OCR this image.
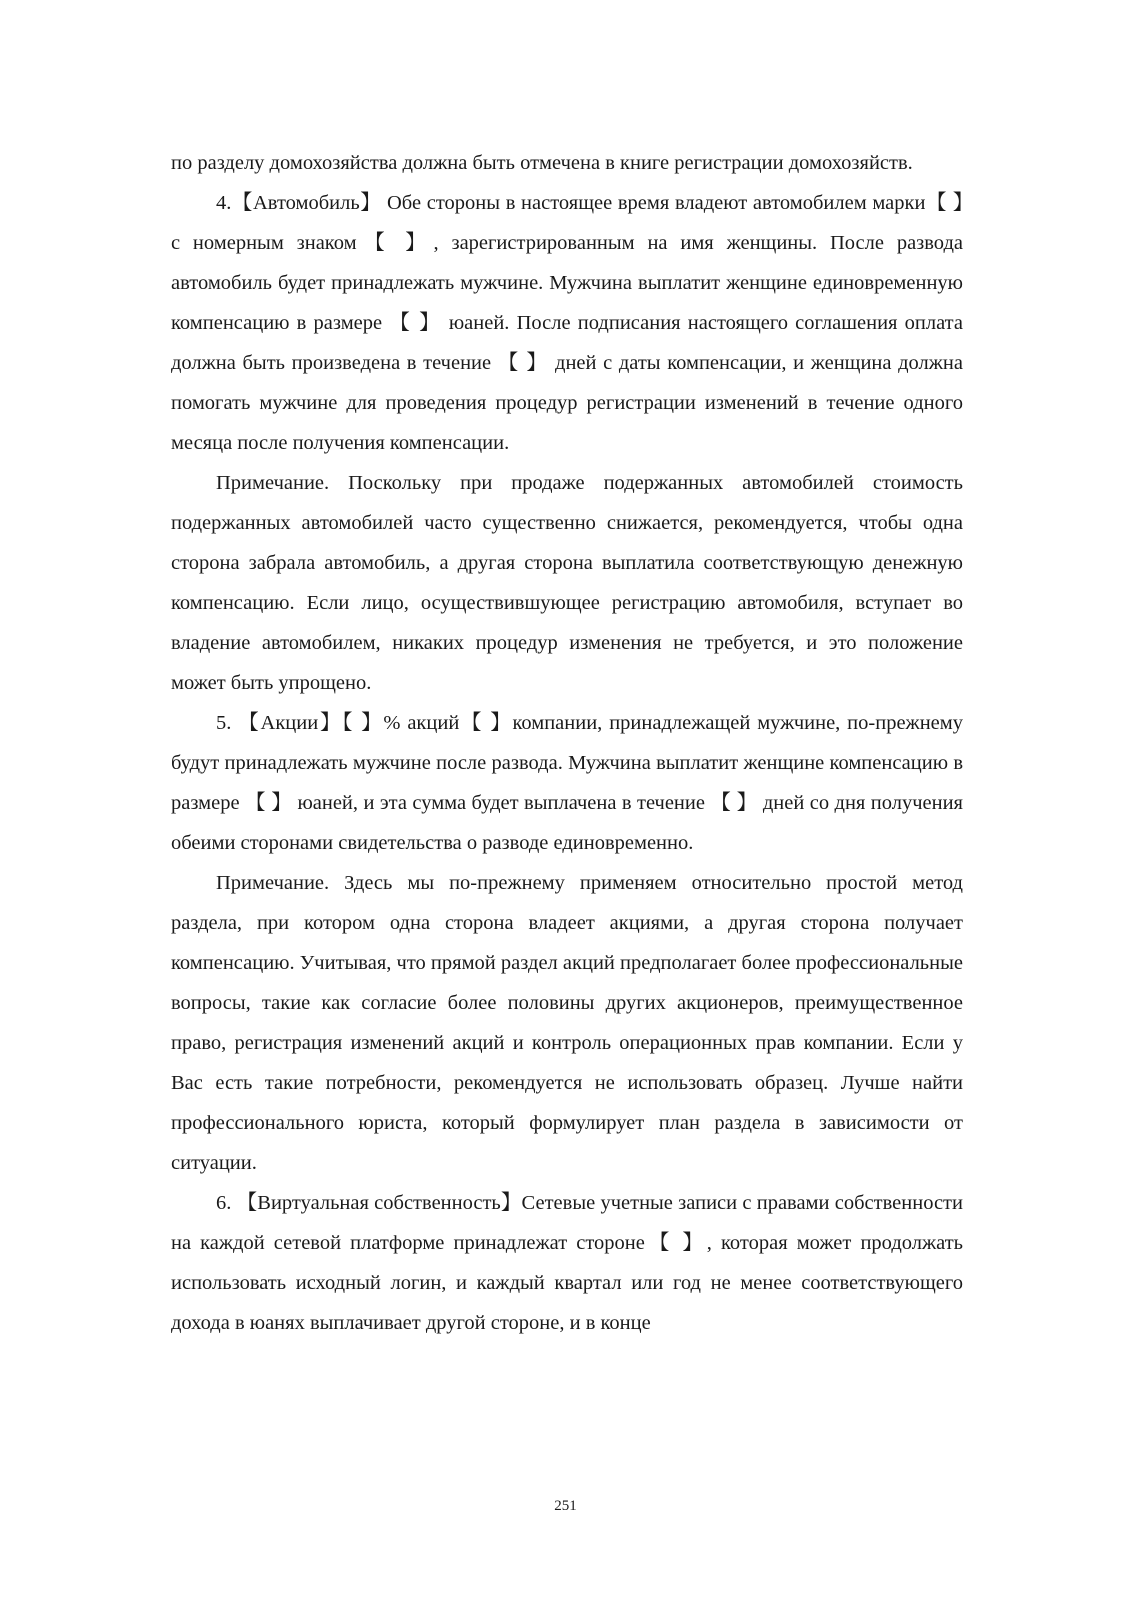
по разделу домохозяйства должна быть отмечена в книге регистрации домохозяйств.

4.【Автомобиль】 Обе стороны в настоящее время владеют автомобилем марки【 】с номерным знаком【 】, зарегистрированным на имя женщины. После развода автомобиль будет принадлежать мужчине. Мужчина выплатит женщине единовременную компенсацию в размере 【 】 юаней. После подписания настоящего соглашения оплата должна быть произведена в течение 【 】 дней с даты компенсации, и женщина должна помогать мужчине для проведения процедур регистрации изменений в течение одного месяца после получения компенсации.

Примечание. Поскольку при продаже подержанных автомобилей стоимость подержанных автомобилей часто существенно снижается, рекомендуется, чтобы одна сторона забрала автомобиль, а другая сторона выплатила соответствующую денежную компенсацию. Если лицо, осуществившующее регистрацию автомобиля, вступает во владение автомобилем, никаких процедур изменения не требуется, и это положение может быть упрощено.

5. 【Акции】【 】% акций【 】компании, принадлежащей мужчине, по-прежнему будут принадлежать мужчине после развода. Мужчина выплатит женщине компенсацию в размере 【 】 юаней, и эта сумма будет выплачена в течение 【 】 дней со дня получения обеими сторонами свидетельства о разводе единовременно.

Примечание. Здесь мы по-прежнему применяем относительно простой метод раздела, при котором одна сторона владеет акциями, а другая сторона получает компенсацию. Учитывая, что прямой раздел акций предполагает более профессиональные вопросы, такие как согласие более половины других акционеров, преимущественное право, регистрация изменений акций и контроль операционных прав компании. Если у Вас есть такие потребности, рекомендуется не использовать образец. Лучше найти профессионального юриста, который формулирует план раздела в зависимости от ситуации.

6. 【Виртуальная собственность】Сетевые учетные записи с правами собственности на каждой сетевой платформе принадлежат стороне【 】, которая может продолжать использовать исходный логин, и каждый квартал или год не менее соответствующего дохода в юанях выплачивает другой стороне, и в конце

251
